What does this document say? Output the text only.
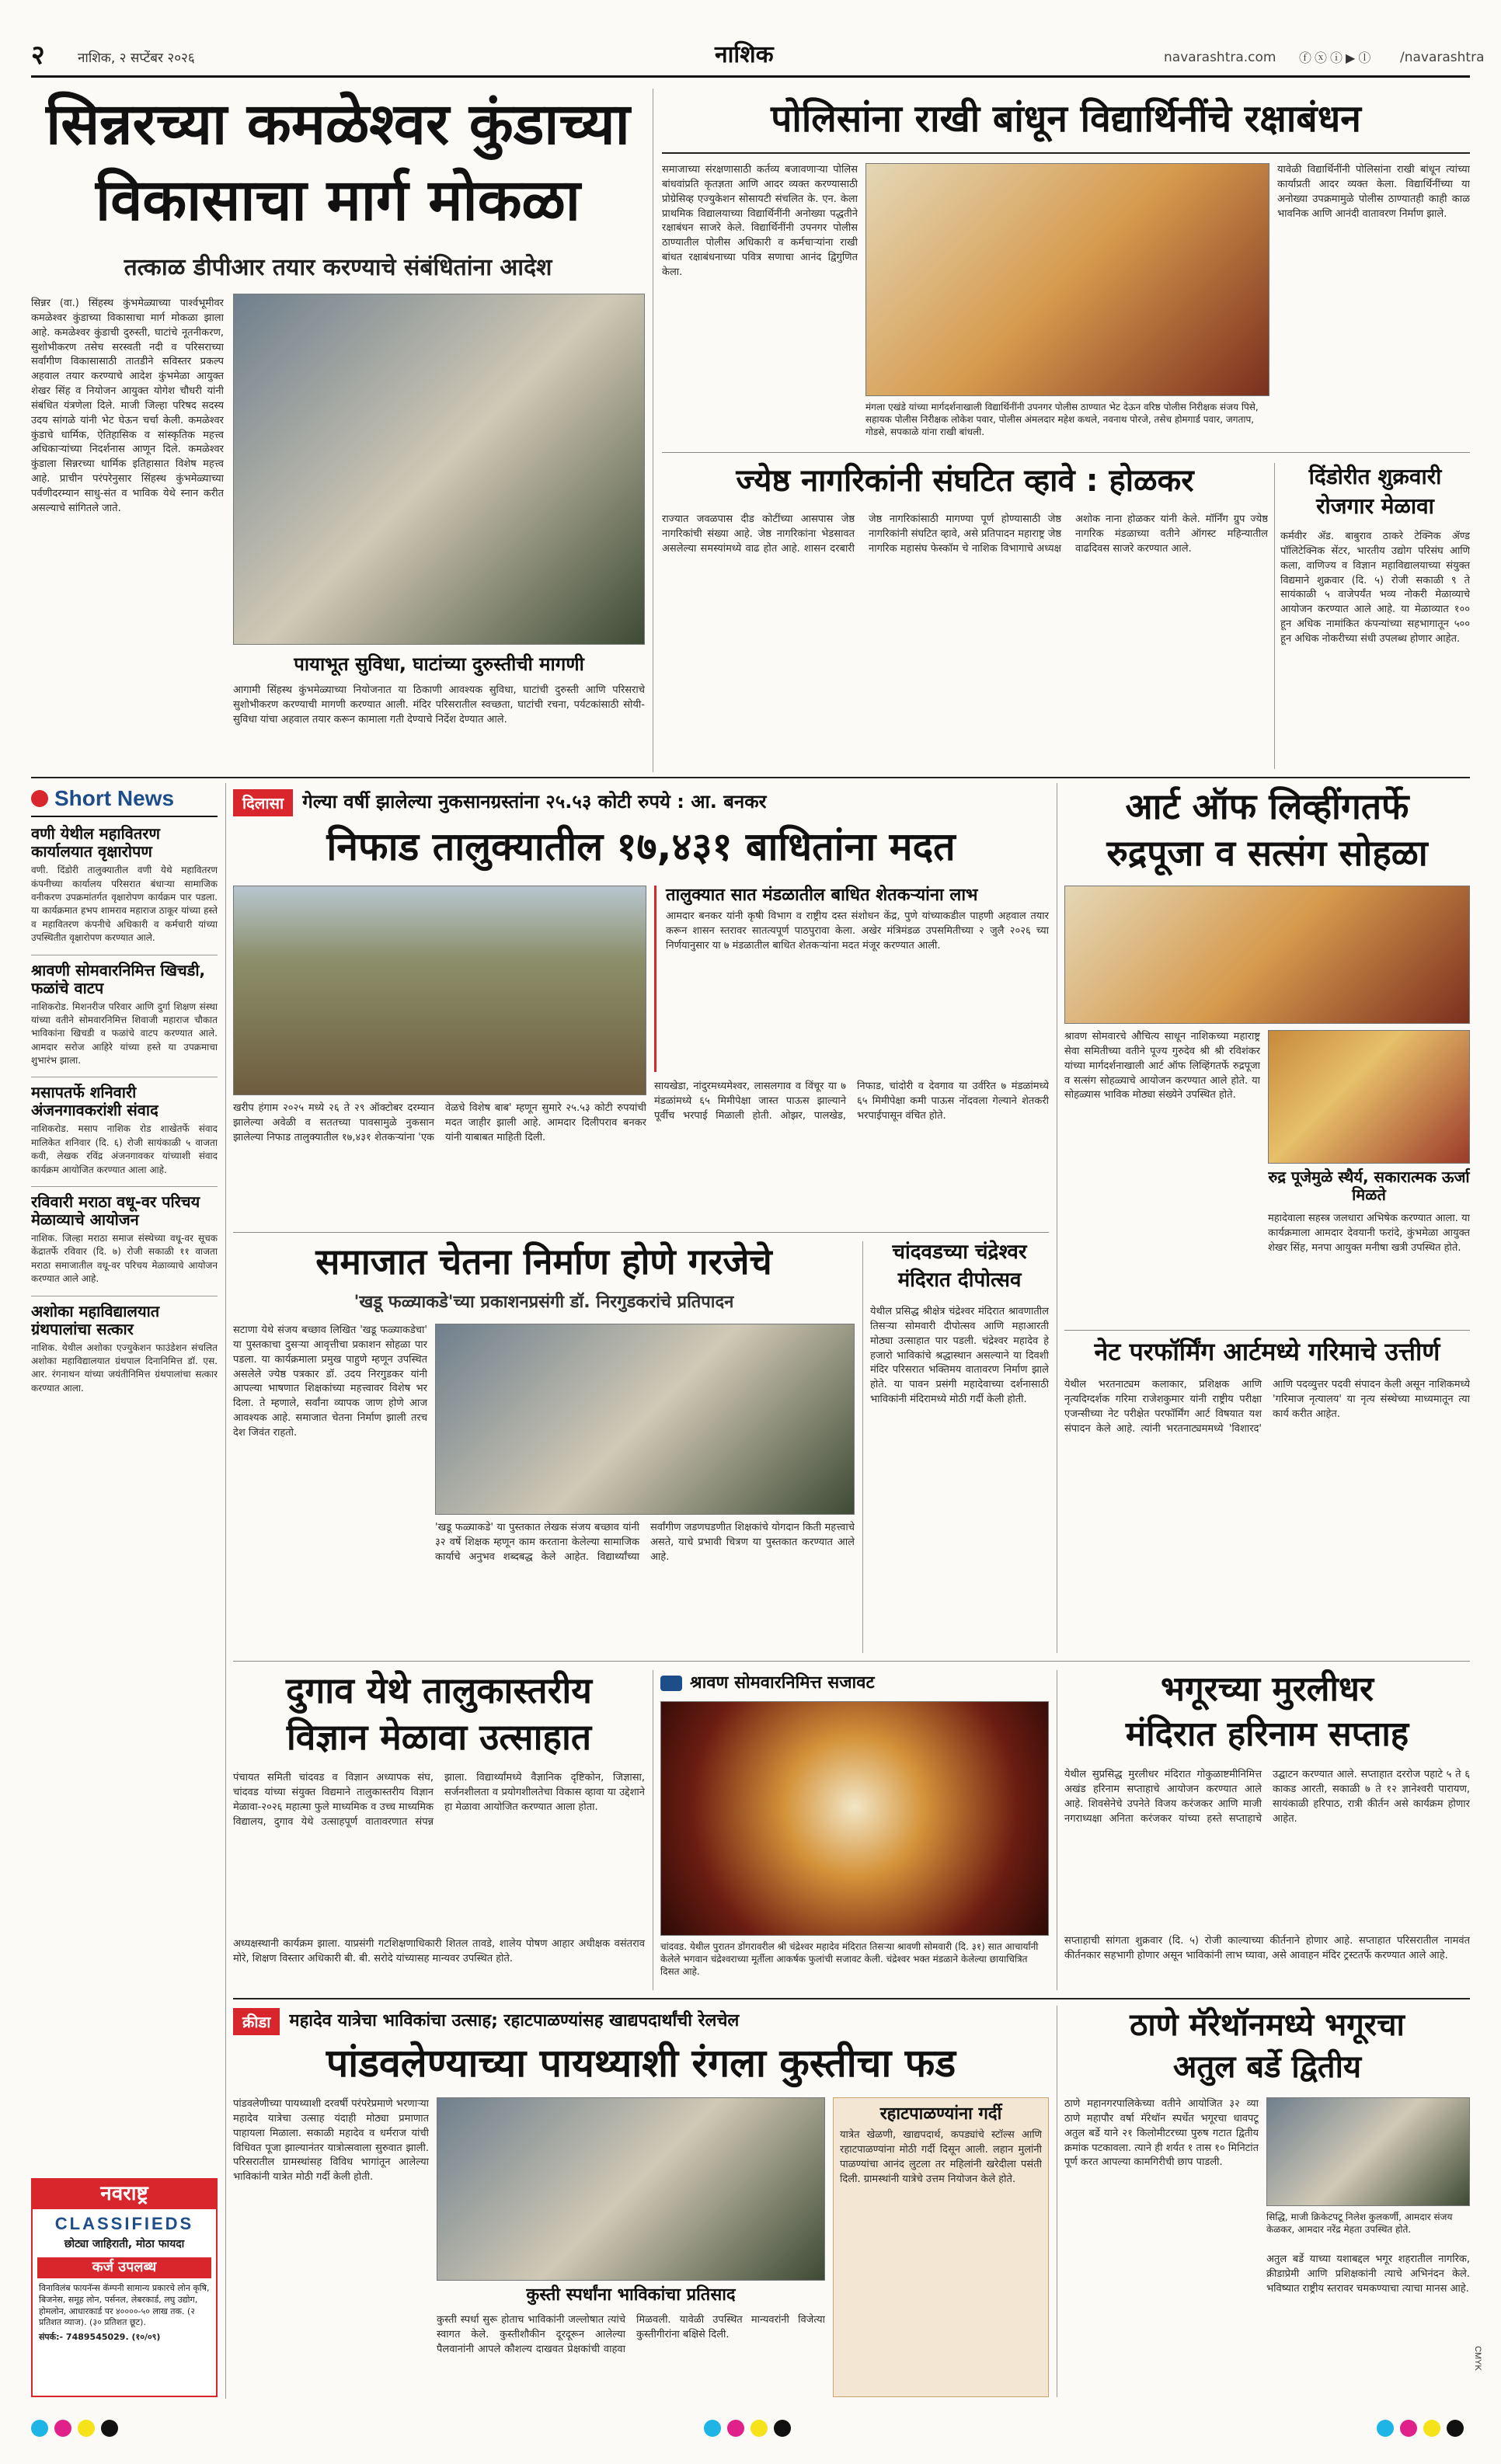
२ नाशिक, २ सप्टेंबर २०२६	नाशिक	navarashtra.com ⓕⓧⓘ▶ⓛ /navarashtra
सिन्नरच्या कमळेश्वर कुंडाच्या
विकासाचा मार्ग मोकळा
तत्काळ डीपीआर तयार करण्याचे संबंधितांना आदेश
सिन्नर (वा.) सिंहस्थ कुंभमेळ्याच्या पार्श्वभूमीवर कमळेश्वर कुंडाच्या विकासाचा मार्ग मोकळा झाला आहे. कमळेश्वर कुंडाची दुरुस्ती, घाटांचे नूतनीकरण, सुशोभीकरण तसेच सरस्वती नदी व परिसराच्या सर्वांगीण विकासासाठी तातडीने सविस्तर प्रकल्प अहवाल तयार करण्याचे आदेश कुंभमेळा आयुक्त शेखर सिंह व नियोजन आयुक्त योगेश चौधरी यांनी संबंधित यंत्रणेला दिले. माजी जिल्हा परिषद सदस्य उदय सांगळे यांनी भेट घेऊन चर्चा केली. कमळेश्वर कुंडाचे धार्मिक, ऐतिहासिक व सांस्कृतिक महत्त्व अधिकाऱ्यांच्या निदर्शनास आणून दिले. कमळेश्वर कुंडाला सिन्नरच्या धार्मिक इतिहासात विशेष महत्त्व आहे. प्राचीन परंपरेनुसार सिंहस्थ कुंभमेळ्याच्या पर्वणीदरम्यान साधु-संत व भाविक येथे स्नान करीत असल्याचे सांगितले जाते.
पायाभूत सुविधा, घाटांच्या दुरुस्तीची मागणी
आगामी सिंहस्थ कुंभमेळ्याच्या नियोजनात या ठिकाणी आवश्यक सुविधा, घाटांची दुरुस्ती आणि परिसराचे सुशोभीकरण करण्याची मागणी करण्यात आली. मंदिर परिसरातील स्वच्छता, घाटांची रचना, पर्यटकांसाठी सोयी-सुविधा यांचा अहवाल तयार करून कामाला गती देण्याचे निर्देश देण्यात आले.
पोलिसांना राखी बांधून विद्यार्थिनींचे रक्षाबंधन
समाजाच्या संरक्षणासाठी कर्तव्य बजावणाऱ्या पोलिस बांधवांप्रति कृतज्ञता आणि आदर व्यक्त करण्यासाठी प्रोग्रेसिव्ह एज्युकेशन सोसायटी संचलित के. एन. केला प्राथमिक विद्यालयाच्या विद्यार्थिनींनी अनोख्या पद्धतीने रक्षाबंधन साजरे केले. विद्यार्थिनींनी उपनगर पोलीस ठाण्यातील पोलीस अधिकारी व कर्मचाऱ्यांना राखी बांधत रक्षाबंधनाच्या पवित्र सणाचा आनंद द्विगुणित केला.
मंगला एखंडे यांच्या मार्गदर्शनाखाली विद्यार्थिनींनी उपनगर पोलीस ठाण्यात भेट देऊन वरिष्ठ पोलीस निरीक्षक संजय पिसे, सहायक पोलीस निरीक्षक लोकेश पवार, पोलीस अंमलदार महेश कथले, नवनाथ पोरजे, तसेच होमगार्ड पवार, जगताप, गोडसे, सपकाळे यांना राखी बांधली.
यावेळी विद्यार्थिनींनी पोलिसांना राखी बांधून त्यांच्या कार्याप्रती आदर व्यक्त केला. विद्यार्थिनींच्या या अनोख्या उपक्रमामुळे पोलीस ठाण्यातही काही काळ भावनिक आणि आनंदी वातावरण निर्माण झाले.
ज्येष्ठ नागरिकांनी संघटित व्हावे : होळकर
राज्यात जवळपास दीड कोटींच्या आसपास जेष्ठ नागरिकांची संख्या आहे. जेष्ठ नागरिकांना भेडसावत असलेल्या समस्यांमध्ये वाढ होत आहे. शासन दरबारी जेष्ठ नागरिकांसाठी मागण्या पूर्ण होण्यासाठी जेष्ठ नागरिकांनी संघटित व्हावे, असे प्रतिपादन महाराष्ट्र जेष्ठ नागरिक महासंघ फेस्कॉम चे नाशिक विभागाचे अध्यक्ष अशोक नाना होळकर यांनी केले. मॉर्निंग ग्रुप ज्येष्ठ नागरिक मंडळाच्या वतीने ऑगस्ट महिन्यातील वाढदिवस साजरे करण्यात आले.
दिंडोरीत शुक्रवारी
रोजगार मेळावा
कर्मवीर ॲड. बाबुराव ठाकरे टेक्निक ॲण्ड पॉलिटेक्निक सेंटर, भारतीय उद्योग परिसंघ आणि कला, वाणिज्य व विज्ञान महाविद्यालयाच्या संयुक्त विद्यमाने शुक्रवार (दि. ५) रोजी सकाळी ९ ते सायंकाळी ५ वाजेपर्यंत भव्य नोकरी मेळाव्याचे आयोजन करण्यात आले आहे. या मेळाव्यात १०० हून अधिक नामांकित कंपन्यांच्या सहभागातून ५०० हून अधिक नोकरीच्या संधी उपलब्ध होणार आहेत.
Short News
वणी येथील महावितरण कार्यालयात वृक्षारोपण
वणी. दिंडोरी तालुक्यातील वणी येथे महावितरण कंपनीच्या कार्यालय परिसरात बंधाऱ्या सामाजिक वनीकरण उपक्रमांतर्गत वृक्षारोपण कार्यक्रम पार पडला. या कार्यक्रमात हभप शामराव महाराज ठाकूर यांच्या हस्ते व महावितरण कंपनीचे अधिकारी व कर्मचारी यांच्या उपस्थितीत वृक्षारोपण करण्यात आले.
श्रावणी सोमवारनिमित्त खिचडी, फळांचे वाटप
नाशिकरोड. मिशनरीज परिवार आणि दुर्गा शिक्षण संस्था यांच्या वतीने सोमवारनिमित्त शिवाजी महाराज चौकात भाविकांना खिचडी व फळांचे वाटप करण्यात आले. आमदार सरोज आहिरे यांच्या हस्ते या उपक्रमाचा शुभारंभ झाला.
मसापतर्फे शनिवारी अंजनगावकरांशी संवाद
नाशिकरोड. मसाप नाशिक रोड शाखेतर्फे संवाद मालिकेत शनिवार (दि. ६) रोजी सायंकाळी ५ वाजता कवी, लेखक रविंद्र अंजनगावकर यांच्याशी संवाद कार्यक्रम आयोजित करण्यात आला आहे.
रविवारी मराठा वधू-वर परिचय मेळाव्याचे आयोजन
नाशिक. जिल्हा मराठा समाज संस्थेच्या वधू-वर सूचक केंद्रातर्फे रविवार (दि. ७) रोजी सकाळी ११ वाजता मराठा समाजातील वधू-वर परिचय मेळाव्याचे आयोजन करण्यात आले आहे.
अशोका महाविद्यालयात ग्रंथपालांचा सत्कार
नाशिक. येथील अशोका एज्युकेशन फाउंडेशन संचलित अशोका महाविद्यालयात ग्रंथपाल दिनानिमित्त डॉ. एस. आर. रंगनाथन यांच्या जयंतीनिमित्त ग्रंथपालांचा सत्कार करण्यात आला.
नवराष्ट्र
CLASSIFIEDS
छोट्या जाहिराती, मोठा फायदा
कर्ज उपलब्ध
विनाविलंब फायनॅन्स कॅम्पनी सामान्य प्रकारचे लोन कृषि, बिजनेस, समूह लोन, पर्सनल, लेबरकार्ड, लघु उद्योग, होमलोन, आधारकार्ड पर ४००००-५० लाख तक. (२ प्रतिशत व्याज). (३० प्रतिशत छूट).
संपर्क:- 7489545029. (१०/०९)
दिलासा	गेल्या वर्षी झालेल्या नुकसानग्रस्तांना २५.५३ कोटी रुपये : आ. बनकर
निफाड तालुक्यातील १७,४३१ बाधितांना मदत
खरीप हंगाम २०२५ मध्ये २६ ते २९ ऑक्टोबर दरम्यान झालेल्या अवेळी व सततच्या पावसामुळे नुकसान झालेल्या निफाड तालुक्यातील १७,४३१ शेतकऱ्यांना 'एक वेळचे विशेष बाब' म्हणून सुमारे २५.५३ कोटी रुपयांची मदत जाहीर झाली आहे. आमदार दिलीपराव बनकर यांनी याबाबत माहिती दिली.
तालुक्यात सात मंडळातील बाधित शेतकऱ्यांना लाभ
आमदार बनकर यांनी कृषी विभाग व राष्ट्रीय दस्त संशोधन केंद्र, पुणे यांच्याकडील पाहणी अहवाल तयार करून शासन स्तरावर सातत्यपूर्ण पाठपुरावा केला. अखेर मंत्रिमंडळ उपसमितीच्या २ जुलै २०२६ च्या निर्णयानुसार या ७ मंडळातील बाधित शेतकऱ्यांना मदत मंजूर करण्यात आली.
सायखेडा, नांदुरमध्यमेश्वर, लासलगाव व विंचूर या ७ मंडळांमध्ये ६५ मिमीपेक्षा जास्त पाऊस झाल्याने पूर्वीच भरपाई मिळाली होती. ओझर, पालखेड, निफाड, चांदोरी व देवगाव या उर्वरित ७ मंडळांमध्ये ६५ मिमीपेक्षा कमी पाऊस नोंदवला गेल्याने शेतकरी भरपाईपासून वंचित होते.
समाजात चेतना निर्माण होणे गरजेचे
'खडू फळ्याकडे'च्या प्रकाशनप्रसंगी डॉ. निरगुडकरांचे प्रतिपादन
सटाणा येथे संजय बच्छाव लिखित 'खडू फळ्याकडेचा' या पुस्तकाचा दुसऱ्या आवृत्तीचा प्रकाशन सोहळा पार पडला. या कार्यक्रमाला प्रमुख पाहुणे म्हणून उपस्थित असलेले ज्येष्ठ पत्रकार डॉ. उदय निरगुडकर यांनी आपल्या भाषणात शिक्षकांच्या महत्त्वावर विशेष भर दिला. ते म्हणाले, सर्वांना व्यापक जाण होणे आज आवश्यक आहे. समाजात चेतना निर्माण झाली तरच देश जिवंत राहतो.
'खडू फळ्याकडे' या पुस्तकात लेखक संजय बच्छाव यांनी ३२ वर्षे शिक्षक म्हणून काम करताना केलेल्या सामाजिक कार्याचे अनुभव शब्दबद्ध केले आहेत. विद्यार्थ्यांच्या सर्वांगीण जडणघडणीत शिक्षकांचे योगदान किती महत्त्वाचे असते, याचे प्रभावी चित्रण या पुस्तकात करण्यात आले आहे.
चांदवडच्या चंद्रेश्वर
मंदिरात दीपोत्सव
येथील प्रसिद्ध श्रीक्षेत्र चंद्रेश्वर मंदिरात श्रावणातील तिसऱ्या सोमवारी दीपोत्सव आणि महाआरती मोठ्या उत्साहात पार पडली. चंद्रेश्वर महादेव हे हजारो भाविकांचे श्रद्धास्थान असल्याने या दिवशी मंदिर परिसरात भक्तिमय वातावरण निर्माण झाले होते. या पावन प्रसंगी महादेवाच्या दर्शनासाठी भाविकांनी मंदिरामध्ये मोठी गर्दी केली होती.
आर्ट ऑफ लिव्हींगतर्फे
रुद्रपूजा व सत्संग सोहळा
श्रावण सोमवारचे औचित्य साधून नाशिकच्या महाराष्ट्र सेवा समितीच्या वतीने पूज्य गुरुदेव श्री श्री रविशंकर यांच्या मार्गदर्शनाखाली आर्ट ऑफ लिव्हिंगतर्फे रुद्रपूजा व सत्संग सोहळ्याचे आयोजन करण्यात आले होते. या सोहळ्यास भाविक मोठ्या संख्येने उपस्थित होते.
रुद्र पूजेमुळे स्थैर्य, सकारात्मक ऊर्जा मिळते
महादेवाला सहस्त्र जलधारा अभिषेक करण्यात आला. या कार्यक्रमाला आमदार देवयानी फरांदे, कुंभमेळा आयुक्त शेखर सिंह, मनपा आयुक्त मनीषा खत्री उपस्थित होते.
नेट परफॉर्मिंग आर्टमध्ये गरिमाचे उत्तीर्ण
येथील भरतनाट्यम कलाकार, प्रशिक्षक आणि नृत्यदिग्दर्शक गरिमा राजेशकुमार यांनी राष्ट्रीय परीक्षा एजन्सीच्या नेट परीक्षेत परफॉर्मिंग आर्ट विषयात यश संपादन केले आहे. त्यांनी भरतनाट्यममध्ये 'विशारद' आणि पदव्युत्तर पदवी संपादन केली असून नाशिकमध्ये 'गरिमाज नृत्यालय' या नृत्य संस्थेच्या माध्यमातून त्या कार्य करीत आहेत.
दुगाव येथे तालुकास्तरीय
विज्ञान मेळावा उत्साहात
पंचायत समिती चांदवड व विज्ञान अध्यापक संघ, चांदवड यांच्या संयुक्त विद्यमाने तालुकास्तरीय विज्ञान मेळावा-२०२६ महात्मा फुले माध्यमिक व उच्च माध्यमिक विद्यालय, दुगाव येथे उत्साहपूर्ण वातावरणात संपन्न झाला. विद्यार्थ्यांमध्ये वैज्ञानिक दृष्टिकोन, जिज्ञासा, सर्जनशीलता व प्रयोगशीलतेचा विकास व्हावा या उद्देशाने हा मेळावा आयोजित करण्यात आला होता.
अध्यक्षस्थानी कार्यक्रम झाला. याप्रसंगी गटशिक्षणाधिकारी शितल तावडे, शालेय पोषण आहार अधीक्षक वसंतराव मोरे, शिक्षण विस्तार अधिकारी बी. बी. सरोदे यांच्यासह मान्यवर उपस्थित होते.
श्रावण सोमवारनिमित्त सजावट
चांदवड. येथील पुरातन डोंगरावरील श्री चंद्रेश्वर महादेव मंदिरात तिसऱ्या श्रावणी सोमवारी (दि. ३१) सात आचार्यांनी केलेले भगवान चंद्रेश्वराच्या मूर्तीला आकर्षक फुलांची सजावट केली. चंद्रेश्वर भक्त मंडळाने केलेल्या छायाचित्रित दिसत आहे.
भगूरच्या मुरलीधर
मंदिरात हरिनाम सप्ताह
येथील सुप्रसिद्ध मुरलीधर मंदिरात गोकुळाष्टमीनिमित्त अखंड हरिनाम सप्ताहाचे आयोजन करण्यात आले आहे. शिवसेनेचे उपनेते विजय करंजकर आणि माजी नगराध्यक्षा अनिता करंजकर यांच्या हस्ते सप्ताहाचे उद्घाटन करण्यात आले. सप्ताहात दररोज पहाटे ५ ते ६ काकड आरती, सकाळी ७ ते १२ ज्ञानेश्वरी पारायण, सायंकाळी हरिपाठ, रात्री कीर्तन असे कार्यक्रम होणार आहेत.
सप्ताहाची सांगता शुक्रवार (दि. ५) रोजी काल्याच्या कीर्तनाने होणार आहे. सप्ताहात परिसरातील नामवंत कीर्तनकार सहभागी होणार असून भाविकांनी लाभ घ्यावा, असे आवाहन मंदिर ट्रस्टतर्फे करण्यात आले आहे.
क्रीडा	महादेव यात्रेचा भाविकांचा उत्साह; रहाटपाळण्यांसह खाद्यपदार्थांची रेलचेल
पांडवलेण्याच्या पायथ्याशी रंगला कुस्तीचा फड
पांडवलेणीच्या पायथ्याशी दरवर्षी परंपरेप्रमाणे भरणाऱ्या महादेव यात्रेचा उत्साह यंदाही मोठ्या प्रमाणात पाहायला मिळाला. सकाळी महादेव व धर्मराज यांची विधिवत पूजा झाल्यानंतर यात्रोत्सवाला सुरुवात झाली. परिसरातील ग्रामस्थांसह विविध भागांतून आलेल्या भाविकांनी यात्रेत मोठी गर्दी केली होती.
कुस्ती स्पर्धांना भाविकांचा प्रतिसाद
कुस्ती स्पर्धा सुरू होताच भाविकांनी जल्लोषात त्यांचे स्वागत केले. कुस्तीशौकीन दूरदूरून आलेल्या पैलवानांनी आपले कौशल्य दाखवत प्रेक्षकांची वाहवा मिळवली. यावेळी उपस्थित मान्यवरांनी विजेत्या कुस्तीगीरांना बक्षिसे दिली.
रहाटपाळण्यांना गर्दी
यात्रेत खेळणी, खाद्यपदार्थ, कपड्यांचे स्टॉल्स आणि रहाटपाळण्यांना मोठी गर्दी दिसून आली. लहान मुलांनी पाळण्यांचा आनंद लुटला तर महिलांनी खरेदीला पसंती दिली. ग्रामस्थांनी यात्रेचे उत्तम नियोजन केले होते.
ठाणे मॅरेथॉनमध्ये भगूरचा
अतुल बर्डे द्वितीय
ठाणे महानगरपालिकेच्या वतीने आयोजित ३२ व्या ठाणे महापौर वर्षा मॅरेथॉन स्पर्धेत भगूरचा धावपटू अतुल बर्डे याने २१ किलोमीटरच्या पुरुष गटात द्वितीय क्रमांक पटकावला. त्याने ही शर्यत १ तास १० मिनिटांत पूर्ण करत आपल्या कामगिरीची छाप पाडली.
सिद्धि, माजी क्रिकेटपटू निलेश कुलकर्णी, आमदार संजय केळकर, आमदार नरेंद्र मेहता उपस्थित होते.
अतुल बर्डे याच्या यशाबद्दल भगूर शहरातील नागरिक, क्रीडाप्रेमी आणि प्रशिक्षकांनी त्याचे अभिनंदन केले. भविष्यात राष्ट्रीय स्तरावर चमकण्याचा त्याचा मानस आहे.
CMYK
